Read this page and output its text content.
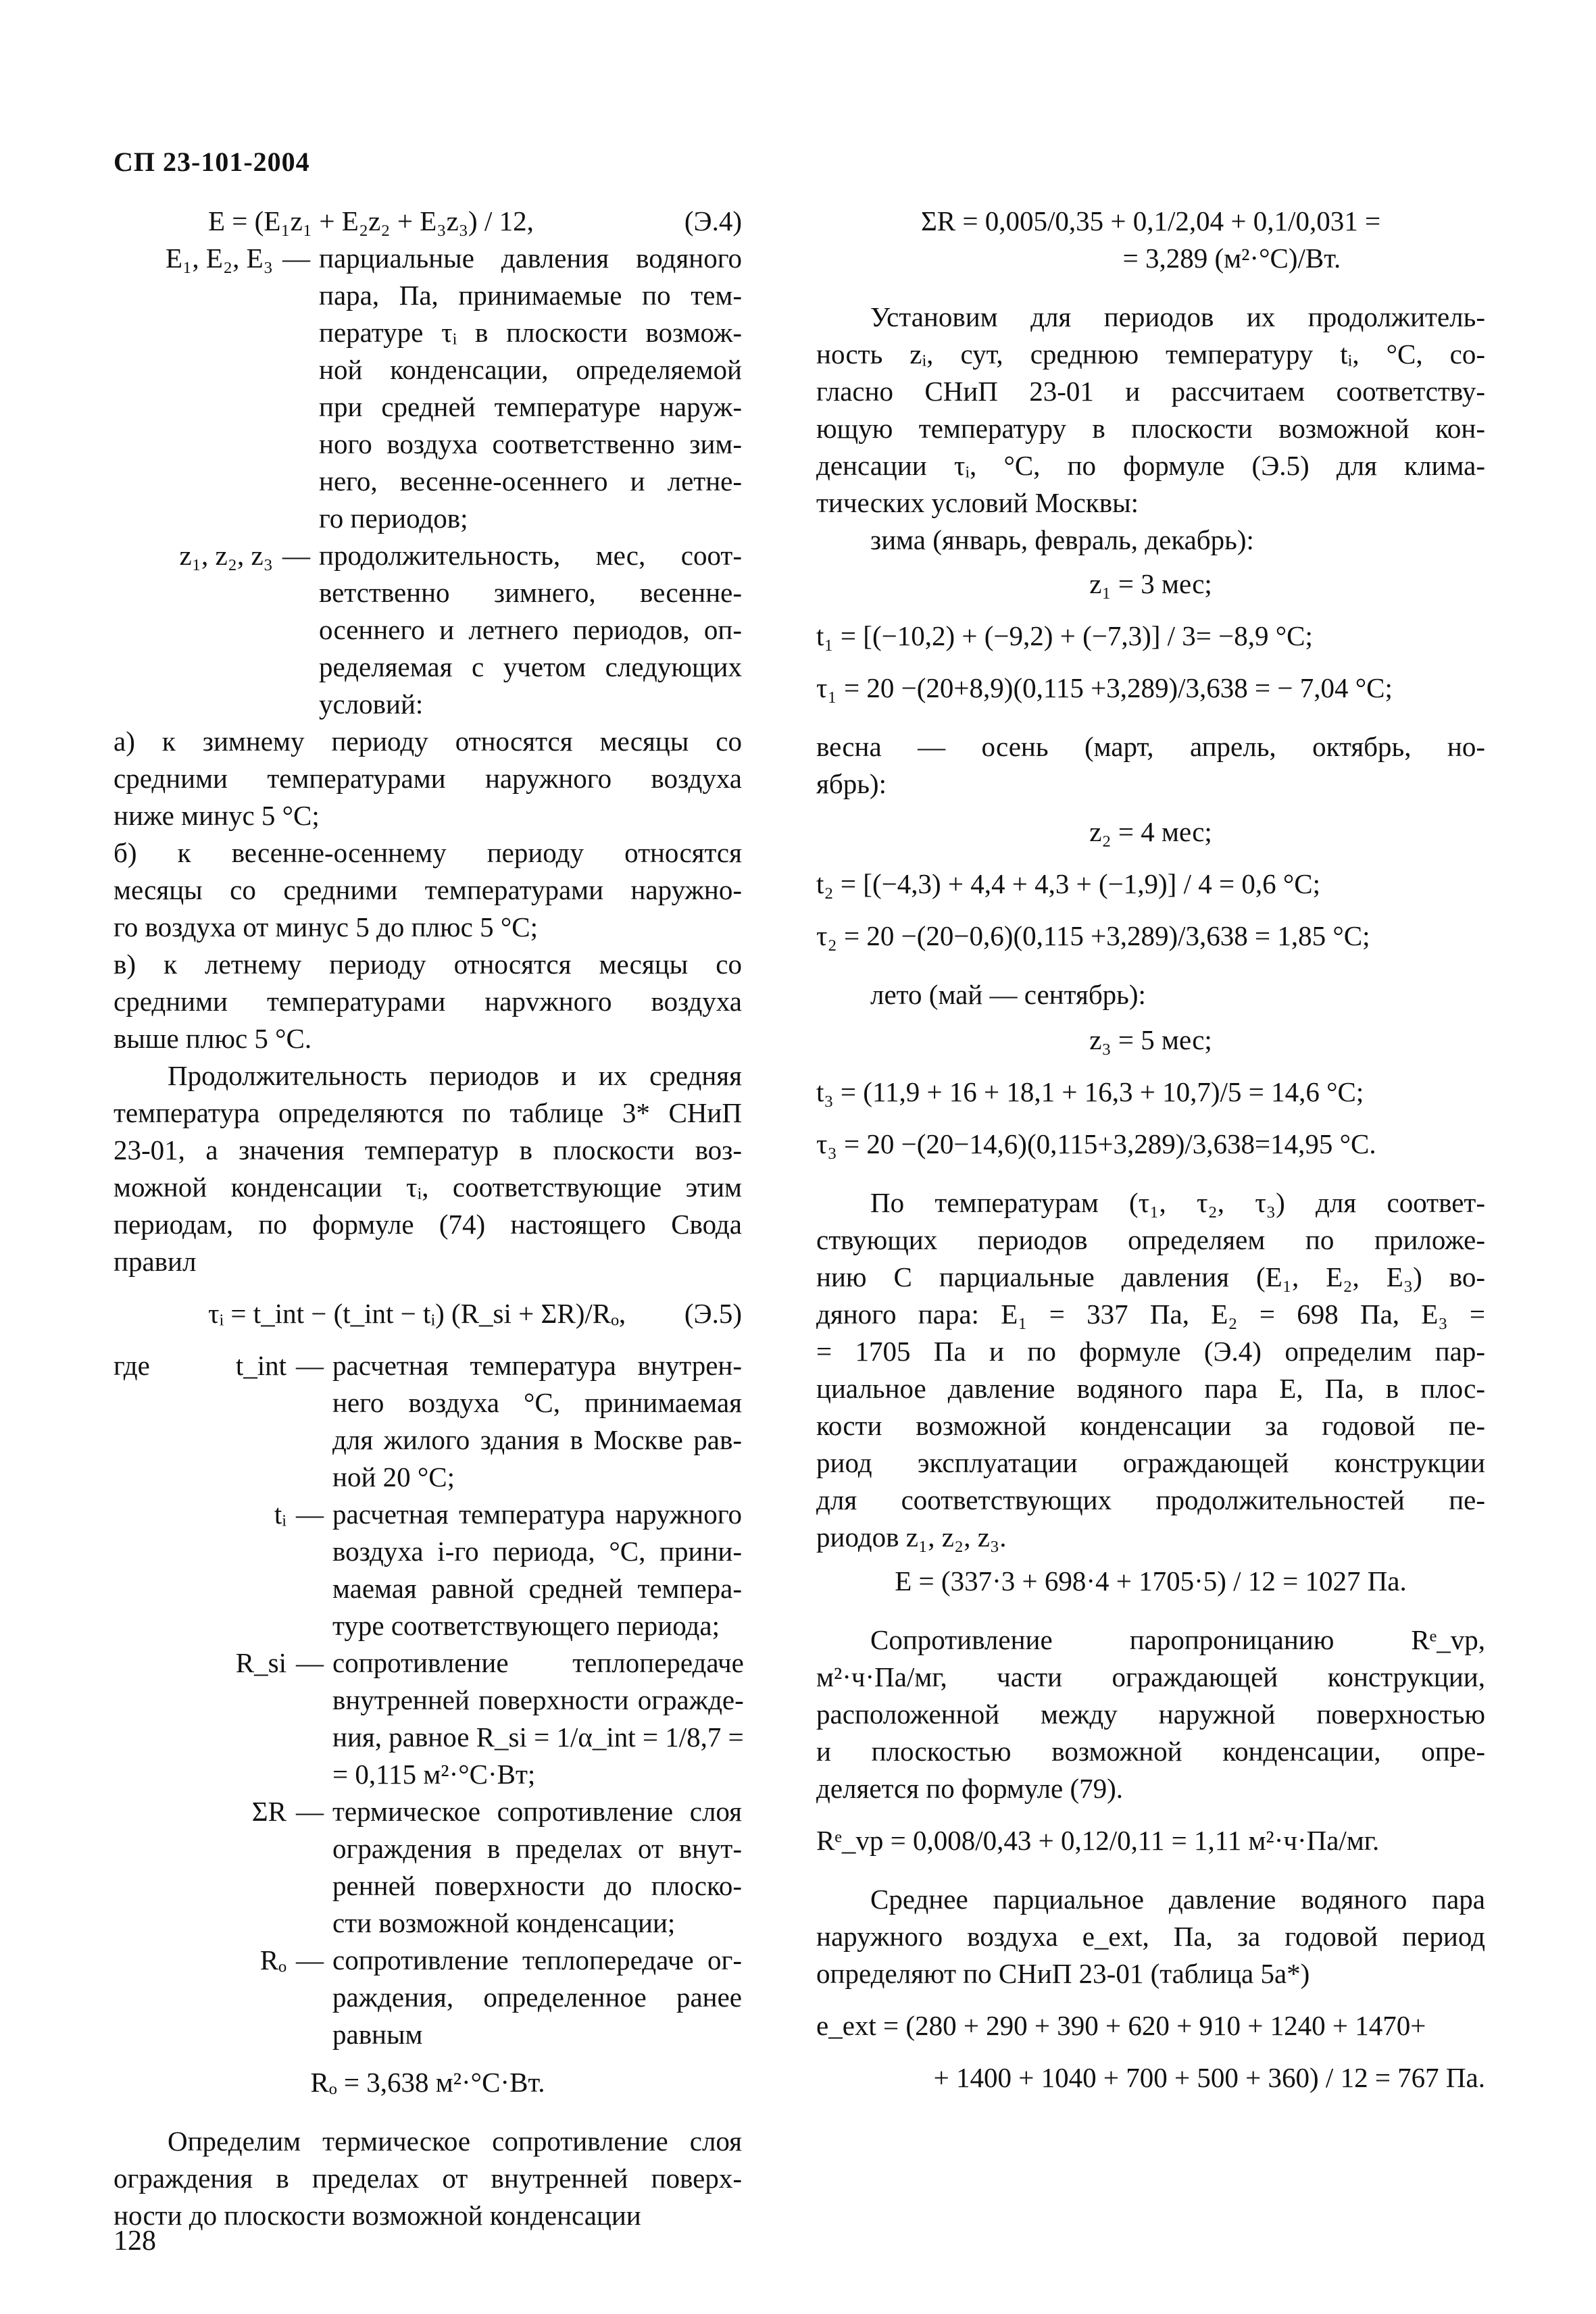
СП 23-101-2004
E = (E₁z₁ + E₂z₂ + E₃z₃) / 12,	(Э.4)
E₁, E₂, E₃ — парциальные давления водяного
пара, Па, принимаемые по тем-
пературе τᵢ в плоскости возмож-
ной конденсации, определяемой
при средней температуре наруж-
ного воздуха соответственно зим-
него, весенне-осеннего и летне-
го периодов;
z₁, z₂, z₃ — продолжительность, мес, соот-
ветственно зимнего, весенне-
осеннего и летнего периодов, оп-
ределяемая с учетом следующих
условий:
а) к зимнему периоду относятся месяцы со
средними температурами наружного воздуха
ниже минус 5 °С;
б) к весенне-осеннему периоду относятся
месяцы со средними температурами наружно-
го воздуха от минус 5 до плюс 5 °С;
в) к летнему периоду относятся месяцы со
средними температурами нарvжного воздуха
выше плюс 5 °С.
Продолжительность периодов и их средняя
температура определяются по таблице 3* СНиП
23-01, а значения температур в плоскости воз-
можной конденсации τᵢ, соответствующие этим
периодам, по формуле (74) настоящего Свода
правил
τᵢ = t_int − (t_int − tᵢ) (R_si + ΣR)/Rₒ, (Э.5)
где	t_int — расчетная температура внутрен-
него воздуха °С, принимаемая
для жилого здания в Москве рав-
ной 20 °С;
tᵢ — расчетная температура наружного
воздуха i-го периода, °С, прини-
маемая равной средней темпера-
туре соответствующего периода;
R_si — сопротивление теплопередаче
внутренней поверхности огражде-
ния, равное R_si = 1/α_int = 1/8,7 =
= 0,115 м²·°С·Вт;
ΣR — термическое сопротивление слоя
ограждения в пределах от внут-
ренней поверхности до плоско-
сти возможной конденсации;
Rₒ — сопротивление теплопередаче ог-
раждения, определенное ранее
равным
Rₒ = 3,638 м²·°С·Вт.
Определим термическое сопротивление слоя
ограждения в пределах от внутренней поверх-
ности до плоскости возможной конденсации
ΣR = 0,005/0,35 + 0,1/2,04 + 0,1/0,031 =
= 3,289 (м²·°С)/Вт.
Установим для периодов их продолжитель-
ность zᵢ, сут, среднюю температуру tᵢ, °С, со-
гласно СНиП 23-01 и рассчитаем соответству-
ющую температуру в плоскости возможной кон-
денсации τᵢ, °С, по формуле (Э.5) для клима-
тических условий Москвы:
зима (январь, февраль, декабрь):
z₁ = 3 мес;
t₁ = [(−10,2) + (−9,2) + (−7,3)] / 3= −8,9 °С;
τ₁ = 20 −(20+8,9)(0,115 +3,289)/3,638 = − 7,04 °С;
весна — осень (март, апрель, октябрь, но-
ябрь):
z₂ = 4 мес;
t₂ = [(−4,3) + 4,4 + 4,3 + (−1,9)] / 4 = 0,6 °С;
τ₂ = 20 −(20−0,6)(0,115 +3,289)/3,638 = 1,85 °С;
лето (май — сентябрь):
z₃ = 5 мес;
t₃ = (11,9 + 16 + 18,1 + 16,3 + 10,7)/5 = 14,6 °С;
τ₃ = 20 −(20−14,6)(0,115+3,289)/3,638=14,95 °С.
По температурам (τ₁, τ₂, τ₃) для соответ-
ствующих периодов определяем по приложе-
нию С парциальные давления (E₁, E₂, E₃) во-
дяного пара: E₁ = 337 Па, E₂ = 698 Па, E₃ =
= 1705 Па и по формуле (Э.4) определим пар-
циальное давление водяного пара E, Па, в плос-
кости возможной конденсации за годовой пе-
риод эксплуатации ограждающей конструкции
для соответствующих продолжительностей пе-
риодов z₁, z₂, z₃.
E = (337·3 + 698·4 + 1705·5) / 12 = 1027 Па.
Сопротивление паропроницанию Rᵉ_vp,
м²·ч·Па/мг, части ограждающей конструкции,
расположенной между наружной поверхностью
и плоскостью возможной конденсации, опре-
деляется по формуле (79).
Rᵉ_vp = 0,008/0,43 + 0,12/0,11 = 1,11 м²·ч·Па/мг.
Среднее парциальное давление водяного пара
наружного воздуха e_ext, Па, за годовой период
определяют по СНиП 23-01 (таблица 5а*)
e_ext = (280 + 290 + 390 + 620 + 910 + 1240 + 1470+
+ 1400 + 1040 + 700 + 500 + 360) / 12 = 767 Па.
128
